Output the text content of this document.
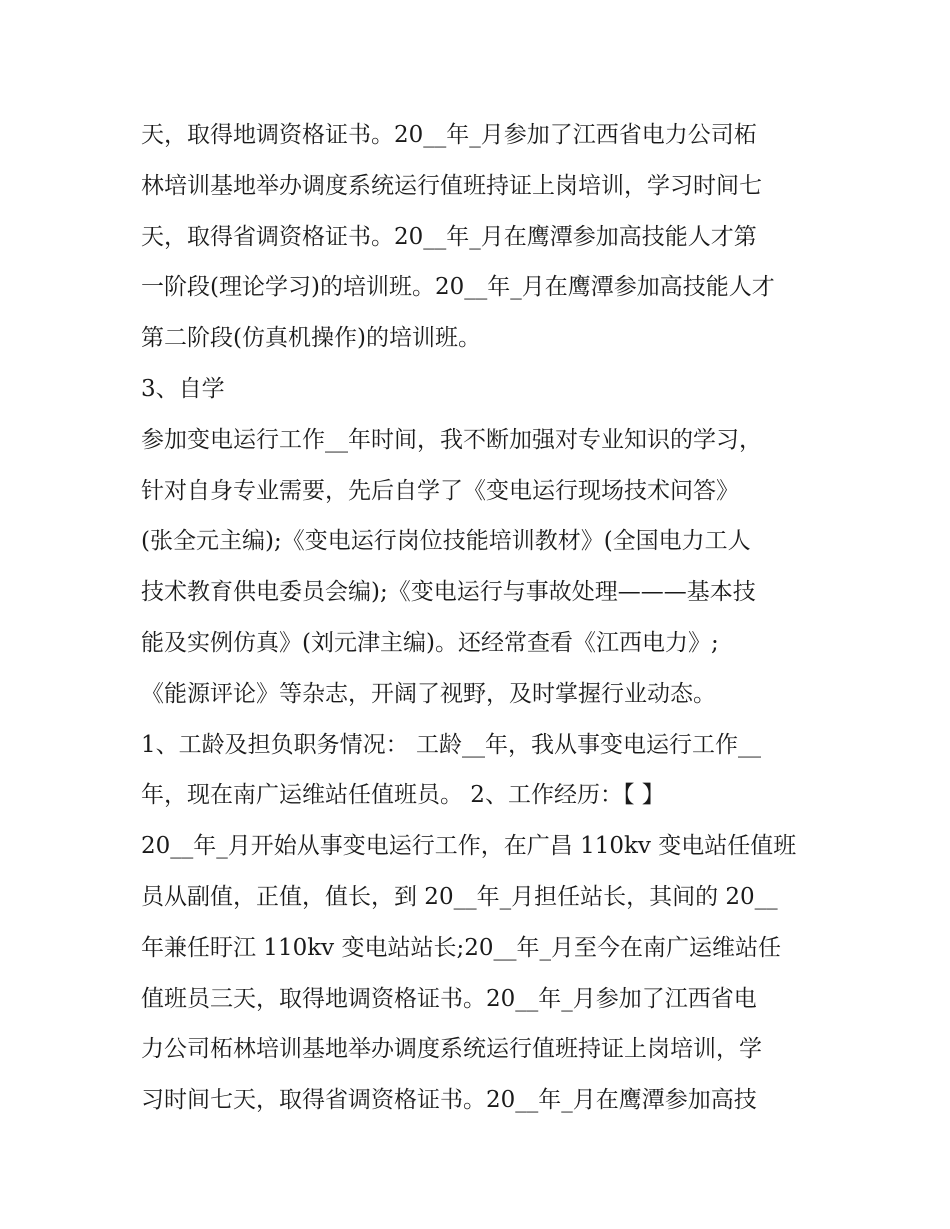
天，取得地调资格证书。20__年_月参加了江西省电力公司柘
林培训基地举办调度系统运行值班持证上岗培训，学习时间七
天，取得省调资格证书。20__年_月在鹰潭参加高技能人才第
一阶段(理论学习)的培训班。20__年_月在鹰潭参加高技能人才
第二阶段(仿真机操作)的培训班。
3、自学
参加变电运行工作__年时间，我不断加强对专业知识的学习，
针对自身专业需要，先后自学了《变电运行现场技术问答》
(张全元主编);《变电运行岗位技能培训教材》(全国电力工人
技术教育供电委员会编);《变电运行与事故处理———基本技
能及实例仿真》(刘元津主编)。还经常查看《江西电力》;
《能源评论》等杂志，开阔了视野，及时掌握行业动态。
1、工龄及担负职务情况： 工龄__年，我从事变电运行工作__
年，现在南广运维站任值班员。 2、工作经历：【 】
20__年_月开始从事变电运行工作，在广昌 110kv 变电站任值班
员从副值，正值，值长，到 20__年_月担任站长，其间的 20__
年兼任盱江 110kv 变电站站长;20__年_月至今在南广运维站任
值班员三天，取得地调资格证书。20__年_月参加了江西省电
力公司柘林培训基地举办调度系统运行值班持证上岗培训，学
习时间七天，取得省调资格证书。20__年_月在鹰潭参加高技
